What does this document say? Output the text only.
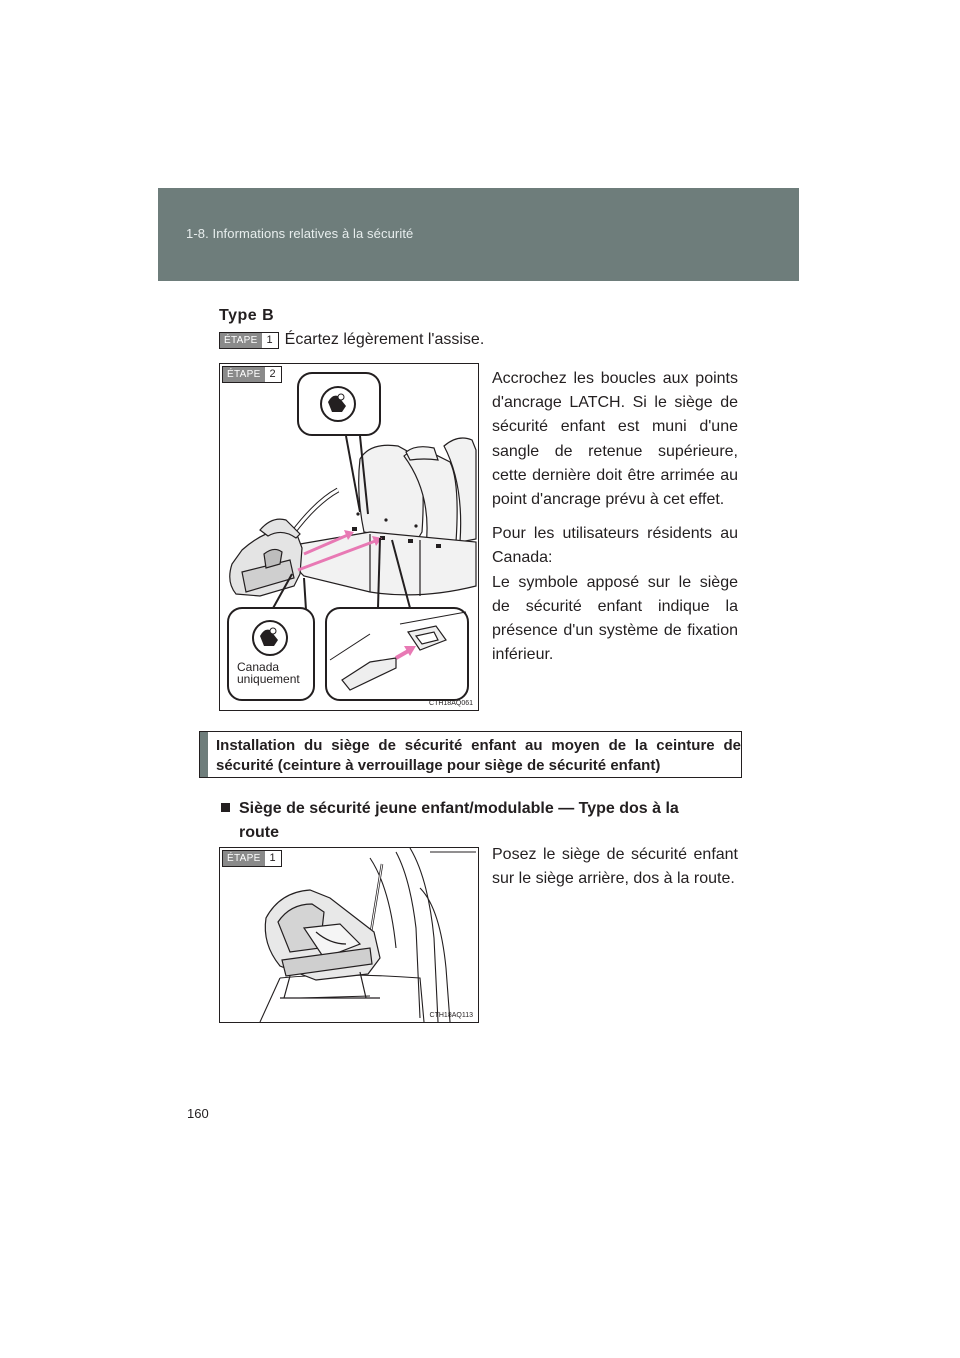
1-8. Informations relatives à la sécurité
Type B
ÉTAPE 1 Écartez légèrement l'assise.
ÉTAPE 2
Canada
uniquement
CTH18AQ061

Accrochez les boucles aux points d'ancrage LATCH. Si le siège de sécurité enfant est muni d'une sangle de retenue supérieure, cette dernière doit être arrimée au point d'ancrage prévu à cet effet.

Pour les utilisateurs résidents au Canada:

Le symbole apposé sur le siège de sécurité enfant indique la présence d'un système de fixation inférieur.

Installation du siège de sécurité enfant au moyen de la ceinture de sécurité (ceinture à verrouillage pour siège de sécurité enfant)
Siège de sécurité jeune enfant/modulable — Type dos à la
route
ÉTAPE 1
CTH18AQ113
Posez le siège de sécurité enfant sur le siège arrière, dos à la route.
160
